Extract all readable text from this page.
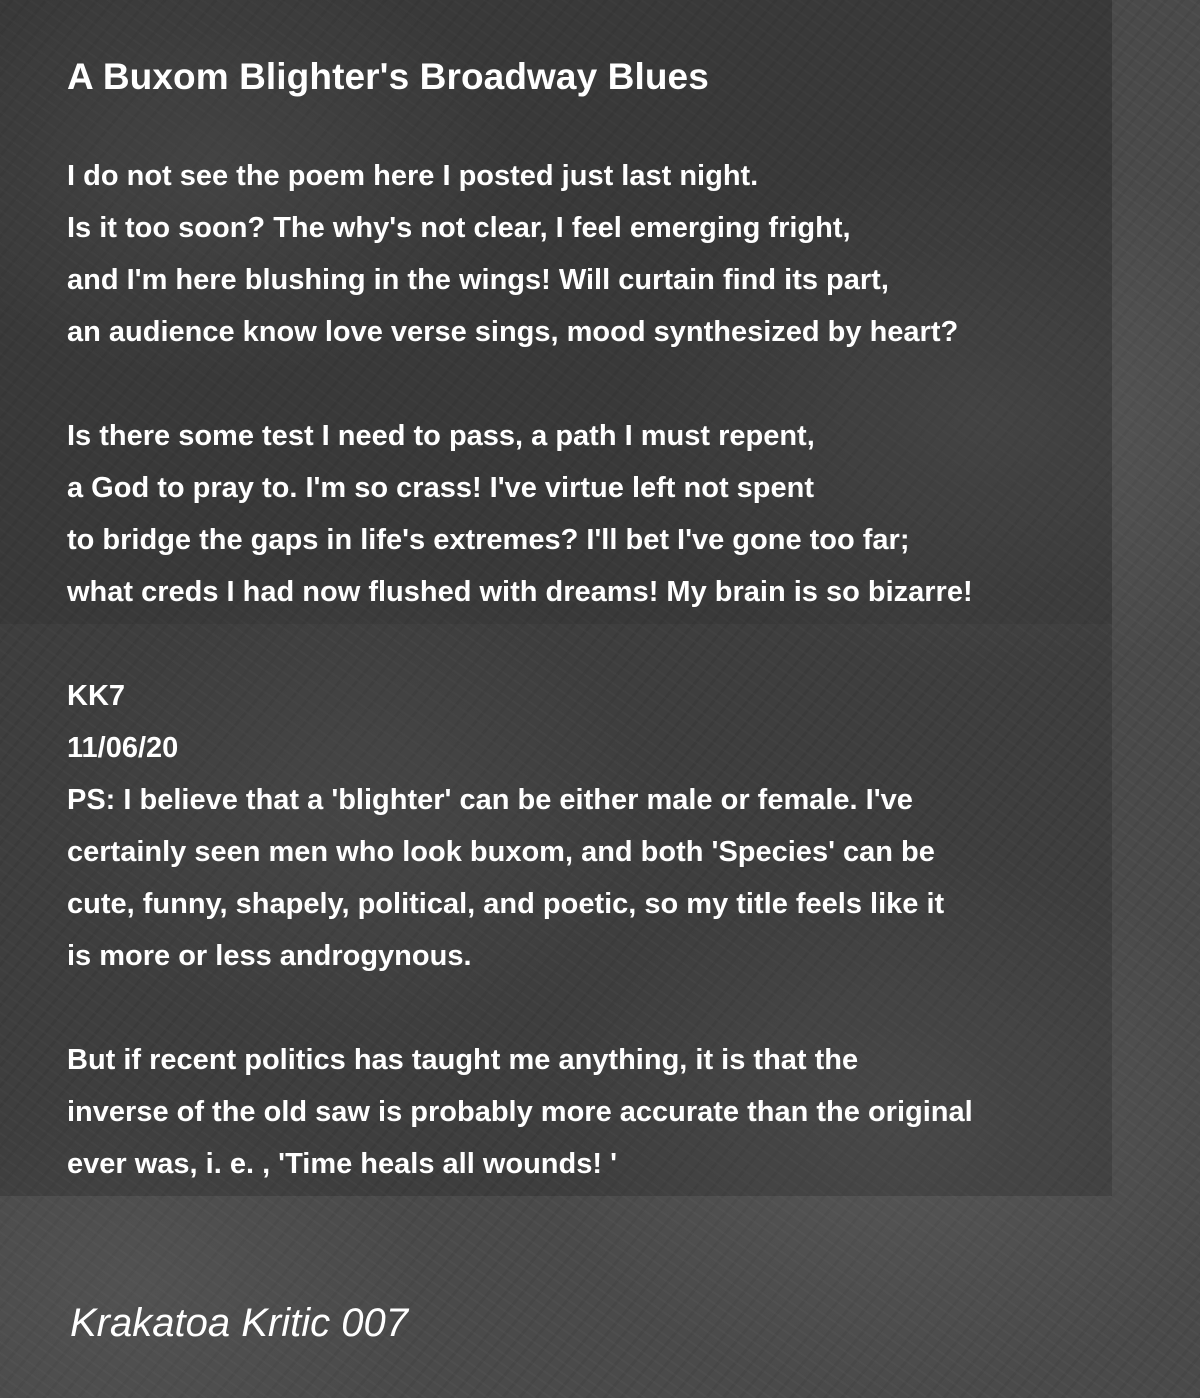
A Buxom Blighter's Broadway Blues
I do not see the poem here I posted just last night.
Is it too soon? The why's not clear, I feel emerging fright,
and I'm here blushing in the wings! Will curtain find its part,
an audience know love verse sings, mood synthesized by heart?
Is there some test I need to pass, a path I must repent,
a God to pray to. I'm so crass! I've virtue left not spent
to bridge the gaps in life's extremes? I'll bet I've gone too far;
what creds I had now flushed with dreams! My brain is so bizarre!
KK7
11/06/20
PS: I believe that a 'blighter' can be either male or female. I've
certainly seen men who look buxom, and both 'Species' can be
cute, funny, shapely, political, and poetic, so my title feels like it
is more or less androgynous.
But if recent politics has taught me anything, it is that the
inverse of the old saw is probably more accurate than the original
ever was, i. e. , 'Time heals all wounds! '
Krakatoa Kritic 007
